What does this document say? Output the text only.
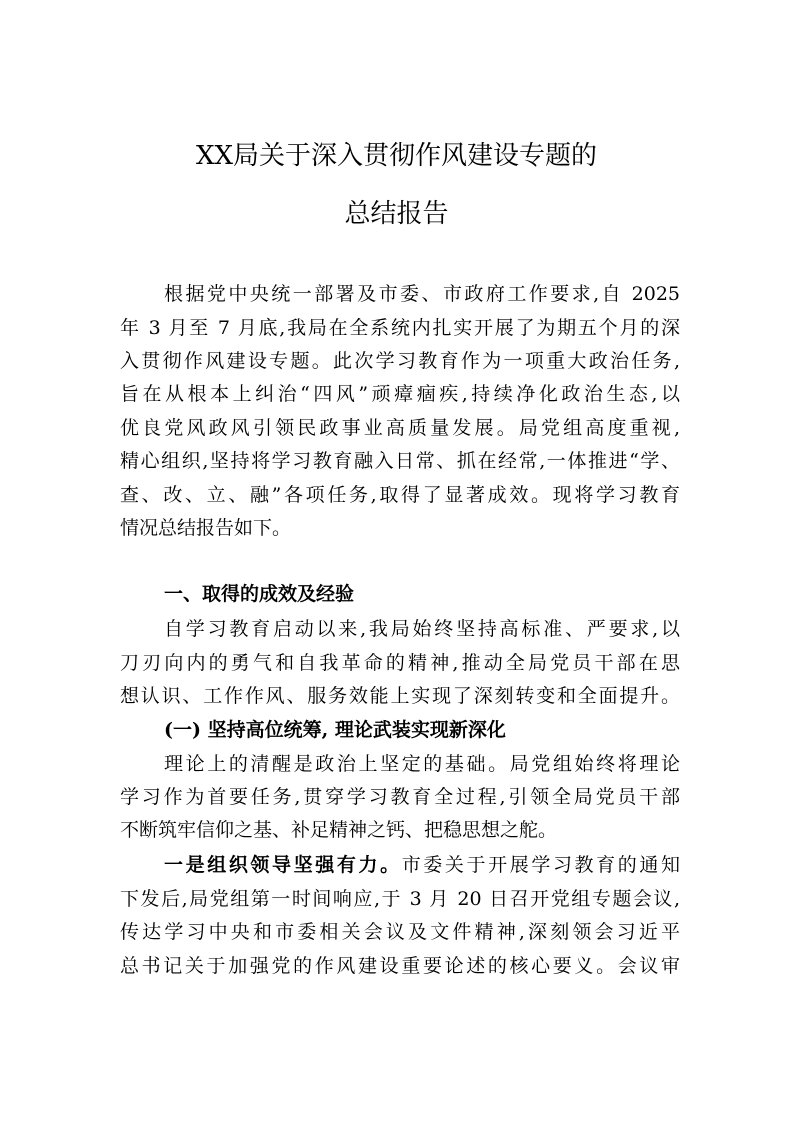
XX局关于深入贯彻作风建设专题的
总结报告
根据党中央统一部署及市委、市政府工作要求,自 2025
年 3 月至 7 月底,我局在全系统内扎实开展了为期五个月的深
入贯彻作风建设专题。此次学习教育作为一项重大政治任务,
旨在从根本上纠治“四风”顽瘴痼疾,持续净化政治生态,以
优良党风政风引领民政事业高质量发展。局党组高度重视,
精心组织,坚持将学习教育融入日常、抓在经常,一体推进“学、
查、改、立、融”各项任务,取得了显著成效。现将学习教育
情况总结报告如下。
一、取得的成效及经验
自学习教育启动以来,我局始终坚持高标准、严要求,以
刀刃向内的勇气和自我革命的精神,推动全局党员干部在思
想认识、工作作风、服务效能上实现了深刻转变和全面提升。
(一) 坚持高位统筹, 理论武装实现新深化
理论上的清醒是政治上坚定的基础。局党组始终将理论
学习作为首要任务,贯穿学习教育全过程,引领全局党员干部
不断筑牢信仰之基、补足精神之钙、把稳思想之舵。
一是组织领导坚强有力。市委关于开展学习教育的通知
下发后,局党组第一时间响应,于 3 月 20 日召开党组专题会议,
传达学习中央和市委相关会议及文件精神,深刻领会习近平
总书记关于加强党的作风建设重要论述的核心要义。会议审
